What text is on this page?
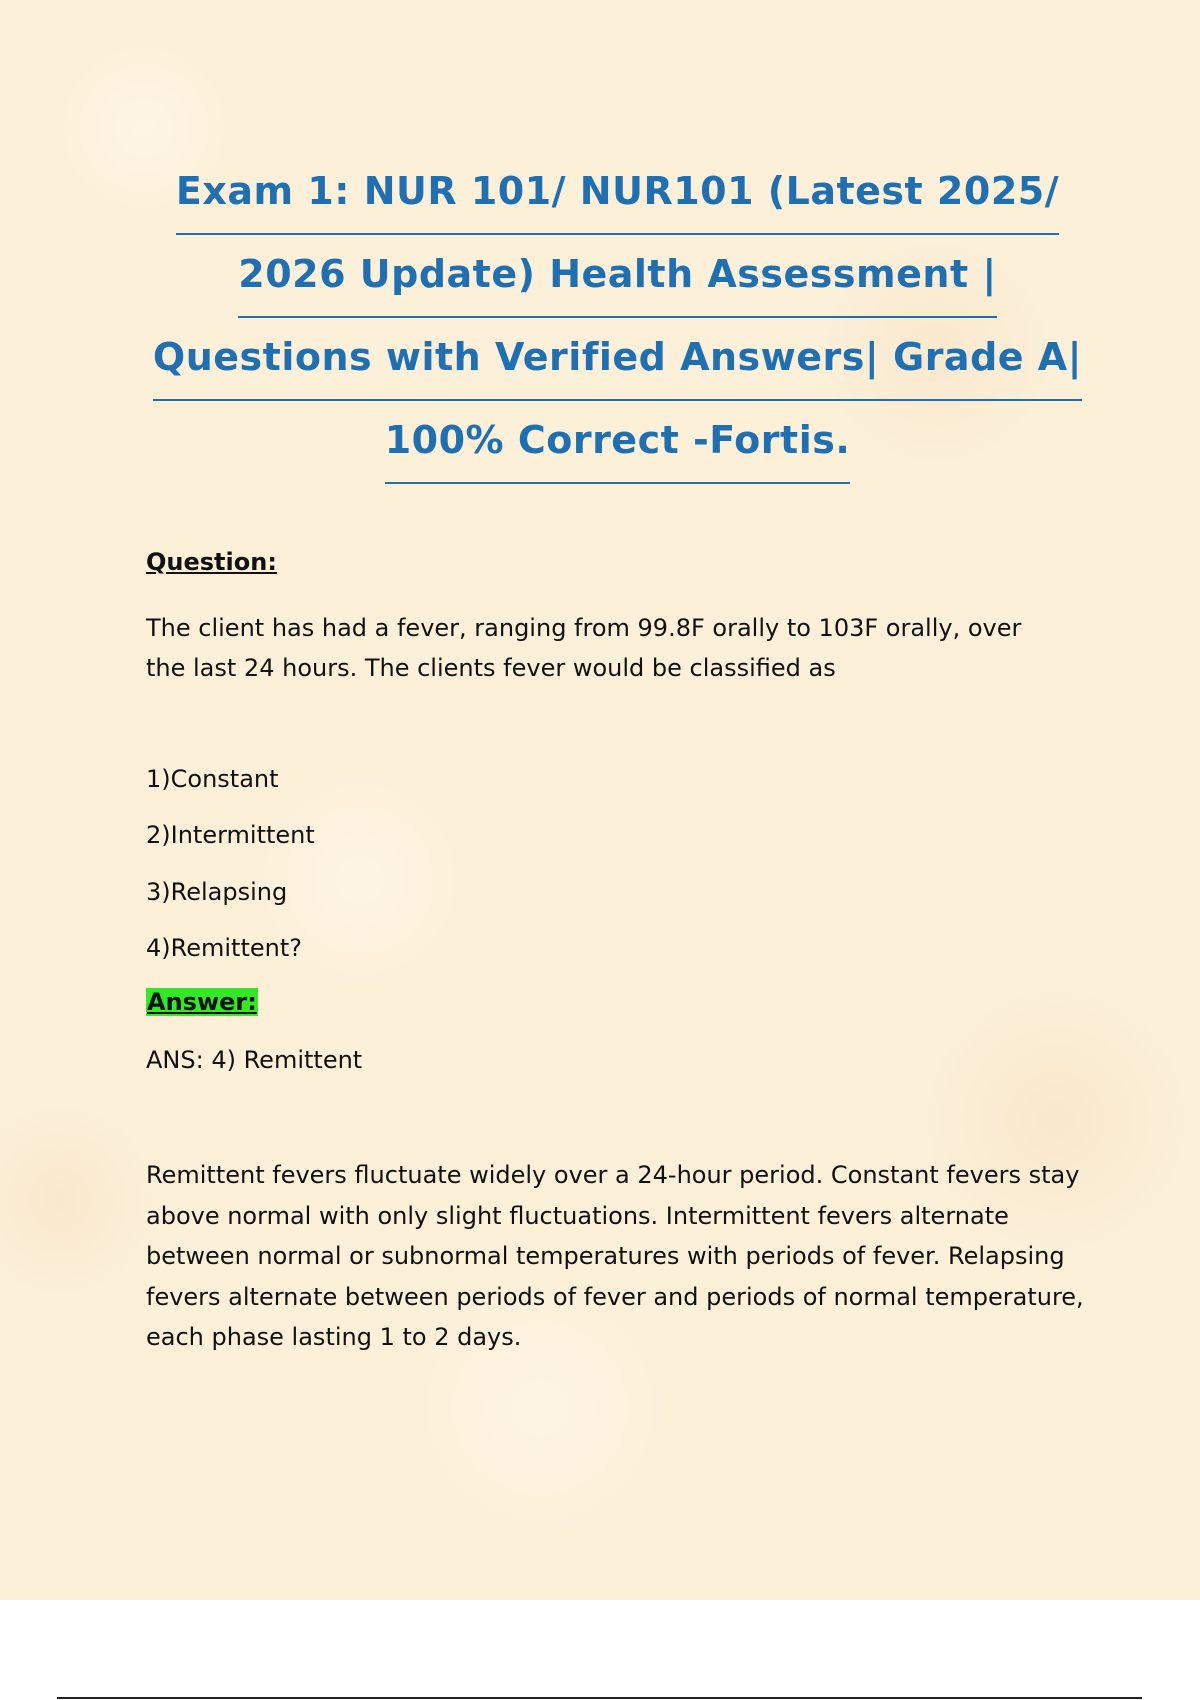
Exam 1: NUR 101/ NUR101 (Latest 2025/
2026 Update) Health Assessment |
Questions with Verified Answers| Grade A|
100% Correct -Fortis.
Question:

The client has had a fever, ranging from 99.8F orally to 103F orally, over the last 24 hours. The clients fever would be classified as

1)Constant
2)Intermittent
3)Relapsing
4)Remittent?
Answer:
ANS: 4) Remittent

Remittent fevers fluctuate widely over a 24-hour period. Constant fevers stay above normal with only slight fluctuations. Intermittent fevers alternate between normal or subnormal temperatures with periods of fever. Relapsing fevers alternate between periods of fever and periods of normal temperature, each phase lasting 1 to 2 days.
